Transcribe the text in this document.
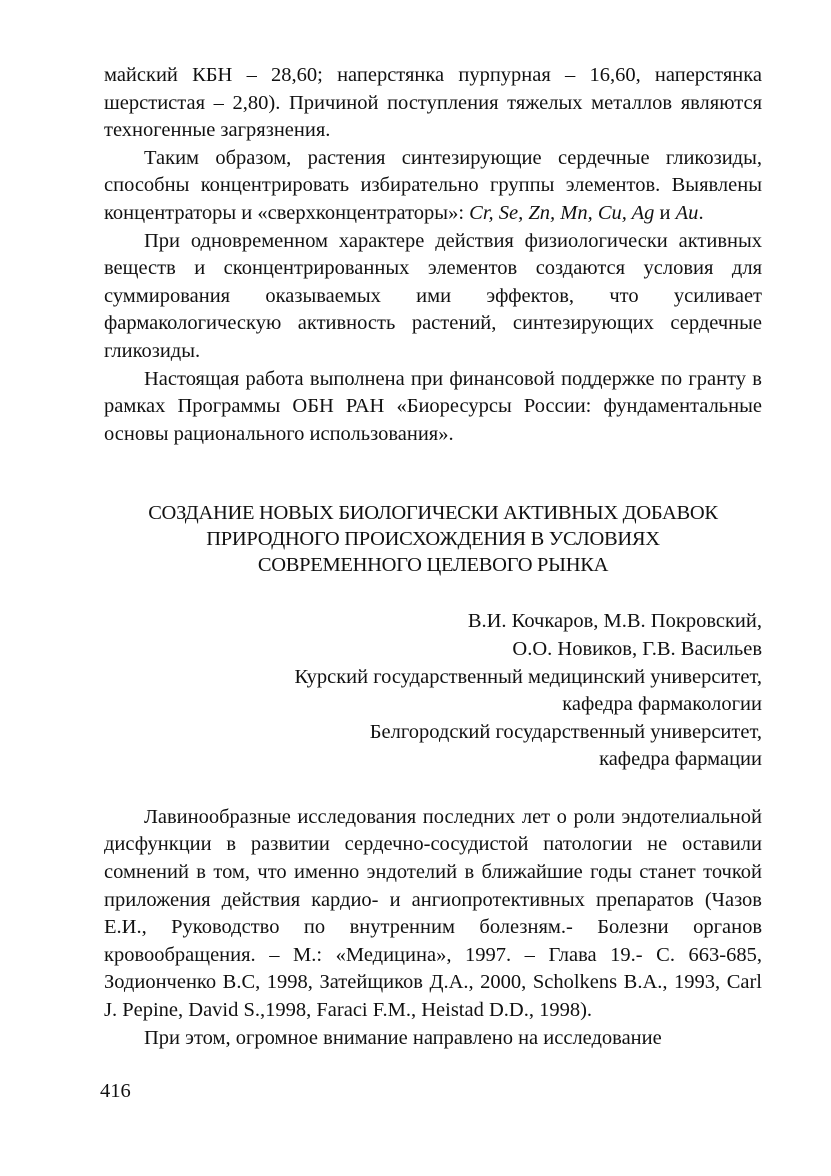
майский КБН – 28,60; наперстянка пурпурная – 16,60, наперстянка шерстистая – 2,80). Причиной поступления тяжелых металлов являются техногенные загрязнения.

Таким образом, растения синтезирующие сердечные гликозиды, способны концентрировать избирательно группы элементов. Выявлены концентраторы и «сверхконцентраторы»: Cr, Se, Zn, Mn, Cu, Ag и Au.

При одновременном характере действия физиологически активных веществ и сконцентрированных элементов создаются условия для суммирования оказываемых ими эффектов, что усиливает фармакологическую активность растений, синтезирующих сердечные гликозиды.

Настоящая работа выполнена при финансовой поддержке по гранту в рамках Программы ОБН РАН «Биоресурсы России: фундаментальные основы рационального использования».

СОЗДАНИЕ НОВЫХ БИОЛОГИЧЕСКИ АКТИВНЫХ ДОБАВОК
ПРИРОДНОГО ПРОИСХОЖДЕНИЯ В УСЛОВИЯХ
СОВРЕМЕННОГО ЦЕЛЕВОГО РЫНКА
В.И. Кочкаров, М.В. Покровский,
О.О. Новиков, Г.В. Васильев
Курский государственный медицинский университет,
кафедра фармакологии
Белгородский государственный университет,
кафедра фармации

Лавинообразные исследования последних лет о роли эндотелиальной дисфункции в развитии сердечно-сосудистой патологии не оставили сомнений в том, что именно эндотелий в ближайшие годы станет точкой приложения действия кардио- и ангиопротективных препаратов (Чазов Е.И., Руководство по внутренним болезням.- Болезни органов кровообращения. – М.: «Медицина», 1997. – Глава 19.- С. 663-685, Зодионченко В.С, 1998, Затейщиков Д.А., 2000, Scholkens B.A., 1993, Carl J. Pepine, David S.,1998, Faraci F.M., Heistad D.D., 1998).

При этом, огромное внимание направлено на исследование

416
